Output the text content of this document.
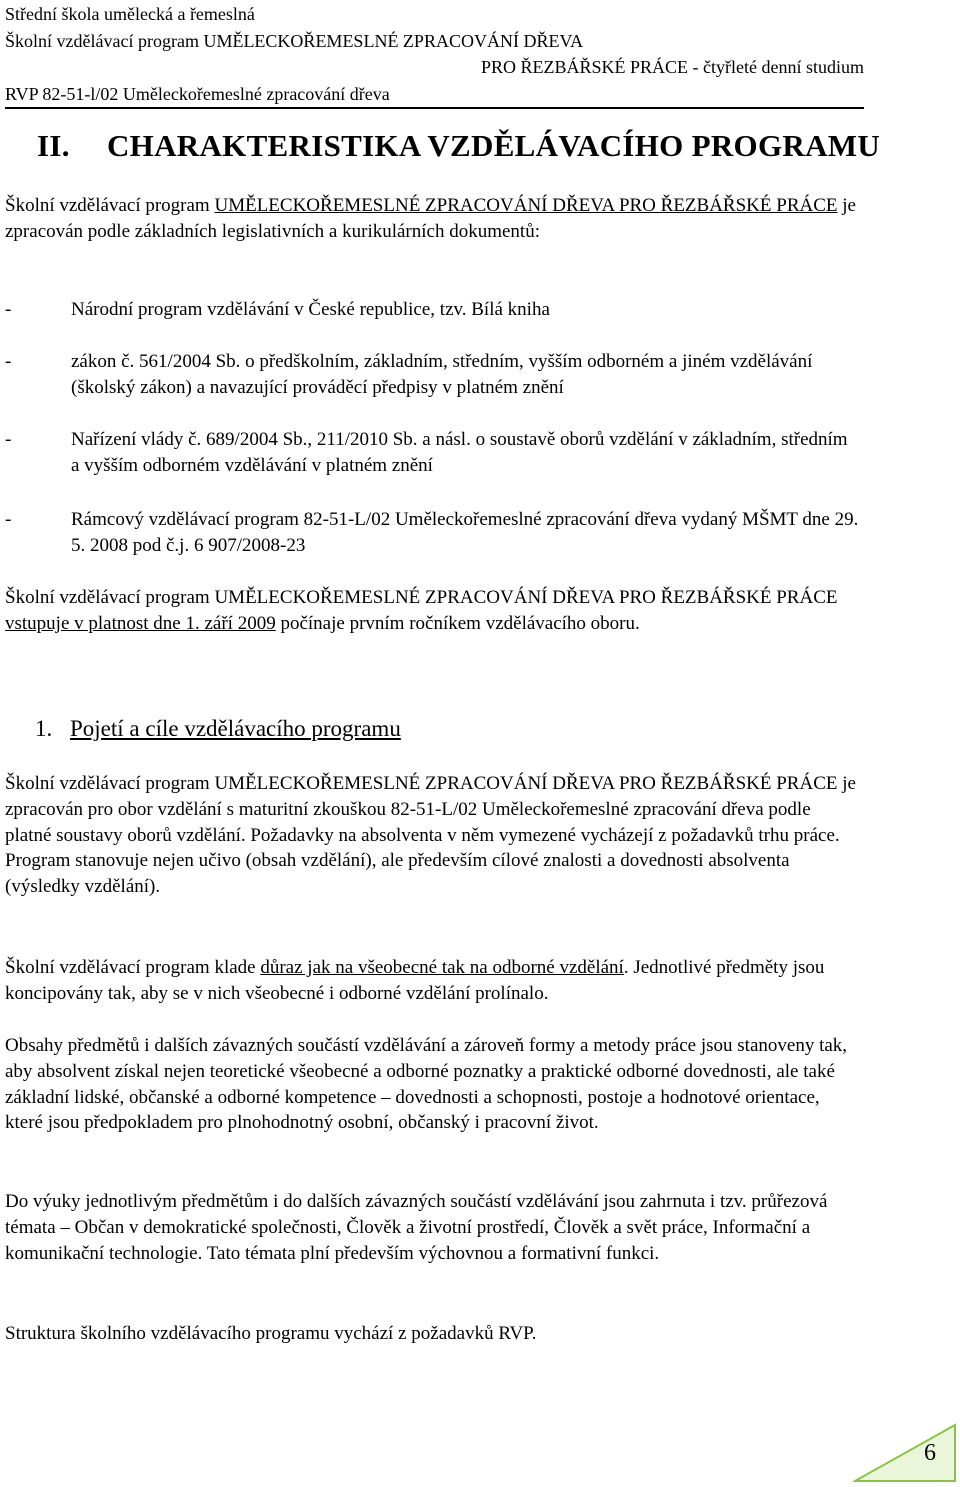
Střední škola umělecká a řemeslná
Školní vzdělávací program UMĚLECKOŘEMESLNÉ ZPRACOVÁNÍ DŘEVA
PRO ŘEZBÁŘSKÉ PRÁCE - čtyřleté denní studium
RVP 82-51-l/02 Uměleckořemeslné zpracování dřeva
II. CHARAKTERISTIKA VZDĚLÁVACÍHO PROGRAMU
Školní vzdělávací program UMĚLECKOŘEMESLNÉ ZPRACOVÁNÍ DŘEVA PRO ŘEZBÁŘSKÉ PRÁCE je zpracován podle základních legislativních a kurikulárních dokumentů:
-	Národní program vzdělávání v České republice, tzv. Bílá kniha
-	zákon č. 561/2004 Sb. o předškolním, základním, středním, vyšším odborném a jiném vzdělávání (školský zákon) a navazující prováděcí předpisy v platném znění
-	Nařízení vlády č. 689/2004 Sb., 211/2010 Sb. a násl. o soustavě oborů vzdělání v základním, středním a vyšším odborném vzdělávání v platném znění
-	Rámcový vzdělávací program 82-51-L/02 Uměleckořemeslné zpracování dřeva vydaný MŠMT dne 29. 5. 2008 pod č.j. 6 907/2008-23
Školní vzdělávací program UMĚLECKOŘEMESLNÉ ZPRACOVÁNÍ DŘEVA PRO ŘEZBÁŘSKÉ PRÁCE vstupuje v platnost dne 1. září 2009 počínaje prvním ročníkem vzdělávacího oboru.
1. Pojetí a cíle vzdělávacího programu
Školní vzdělávací program UMĚLECKOŘEMESLNÉ ZPRACOVÁNÍ DŘEVA PRO ŘEZBÁŘSKÉ PRÁCE je zpracován pro obor vzdělání s maturitní zkouškou 82-51-L/02 Uměleckořemeslné zpracování dřeva podle platné soustavy oborů vzdělání. Požadavky na absolventa v něm vymezené vycházejí z požadavků trhu práce. Program stanovuje nejen učivo (obsah vzdělání), ale především cílové znalosti a dovednosti absolventa (výsledky vzdělání).
Školní vzdělávací program klade důraz jak na všeobecné tak na odborné vzdělání. Jednotlivé předměty jsou koncipovány tak, aby se v nich všeobecné i odborné vzdělání prolínalo.
Obsahy předmětů i dalších závazných součástí vzdělávání a zároveň formy a metody práce jsou stanoveny tak, aby absolvent získal nejen teoretické všeobecné a odborné poznatky a praktické odborné dovednosti, ale také základní lidské, občanské a odborné kompetence – dovednosti a schopnosti, postoje a hodnotové orientace, které jsou předpokladem pro plnohodnotný osobní, občanský i pracovní život.
Do výuky jednotlivým předmětům i do dalších závazných součástí vzdělávání jsou zahrnuta i tzv. průřezová témata – Občan v demokratické společnosti, Člověk a životní prostředí, Člověk a svět práce, Informační a komunikační technologie. Tato témata plní především výchovnou a formativní funkci.
Struktura školního vzdělávacího programu vychází z požadavků RVP.
6
